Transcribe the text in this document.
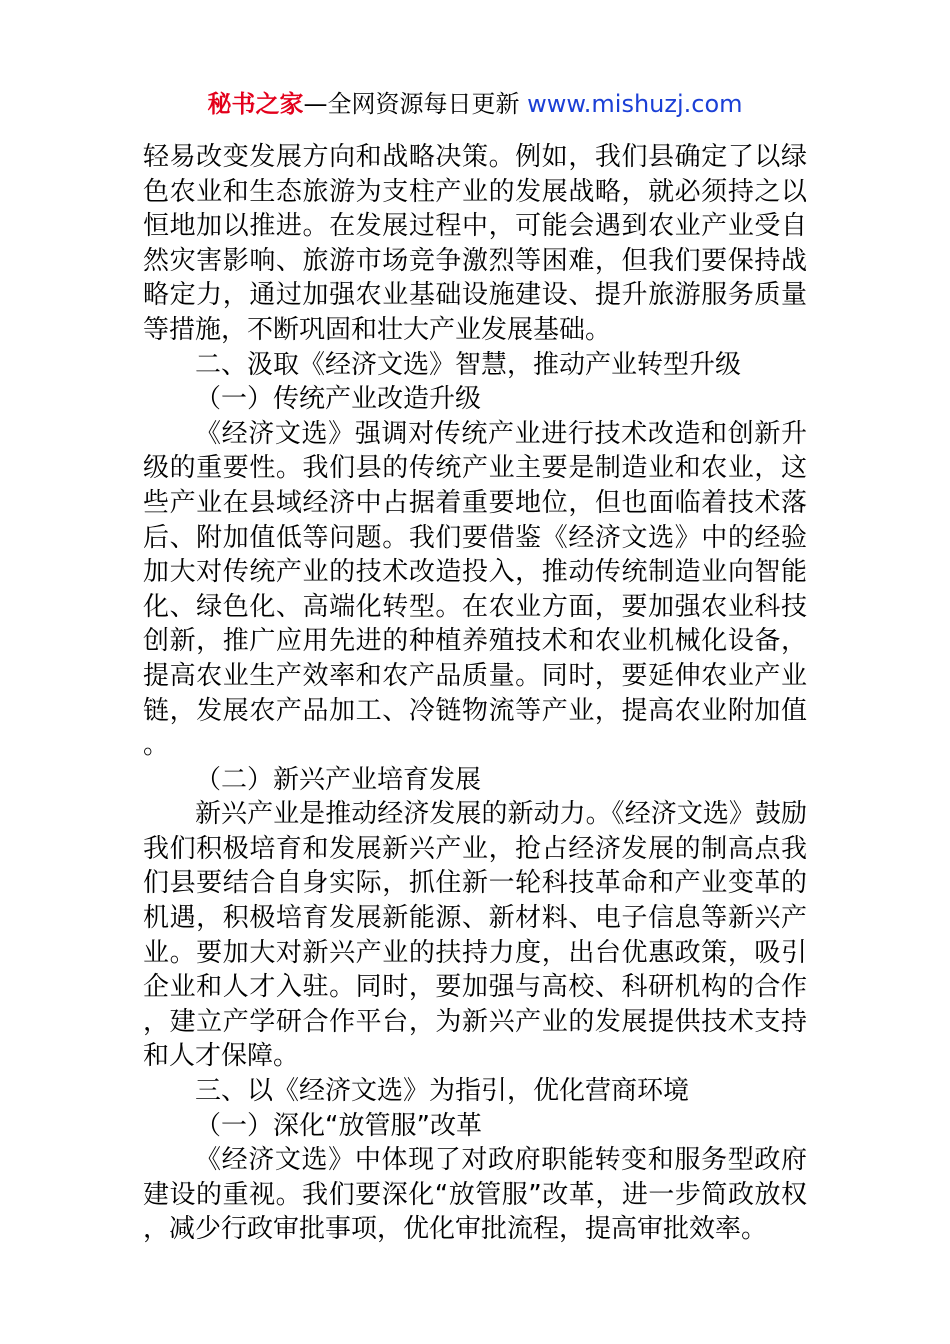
秘书之家—全网资源每日更新 www.mishuzj.com

轻易改变发展方向和战略决策。例如，我们县确定了以绿色农业和生态旅游为支柱产业的发展战略，就必须持之以恒地加以推进。在发展过程中，可能会遇到农业产业受自然灾害影响、旅游市场竞争激烈等困难，但我们要保持战略定力，通过加强农业基础设施建设、提升旅游服务质量等措施，不断巩固和壮大产业发展基础。

二、汲取《经济文选》智慧，推动产业转型升级

（一）传统产业改造升级

《经济文选》强调对传统产业进行技术改造和创新升级的重要性。我们县的传统产业主要是制造业和农业，这些产业在县域经济中占据着重要地位，但也面临着技术落后、附加值低等问题。我们要借鉴《经济文选》中的经验加大对传统产业的技术改造投入，推动传统制造业向智能化、绿色化、高端化转型。在农业方面，要加强农业科技创新，推广应用先进的种植养殖技术和农业机械化设备，提高农业生产效率和农产品质量。同时，要延伸农业产业链，发展农产品加工、冷链物流等产业，提高农业附加值。

（二）新兴产业培育发展

新兴产业是推动经济发展的新动力。《经济文选》鼓励我们积极培育和发展新兴产业，抢占经济发展的制高点我们县要结合自身实际，抓住新一轮科技革命和产业变革的机遇，积极培育发展新能源、新材料、电子信息等新兴产业。要加大对新兴产业的扶持力度，出台优惠政策，吸引企业和人才入驻。同时，要加强与高校、科研机构的合作，建立产学研合作平台，为新兴产业的发展提供技术支持和人才保障。

三、以《经济文选》为指引，优化营商环境

（一）深化“放管服”改革

《经济文选》中体现了对政府职能转变和服务型政府建设的重视。我们要深化“放管服”改革，进一步简政放权，减少行政审批事项，优化审批流程，提高审批效率。
